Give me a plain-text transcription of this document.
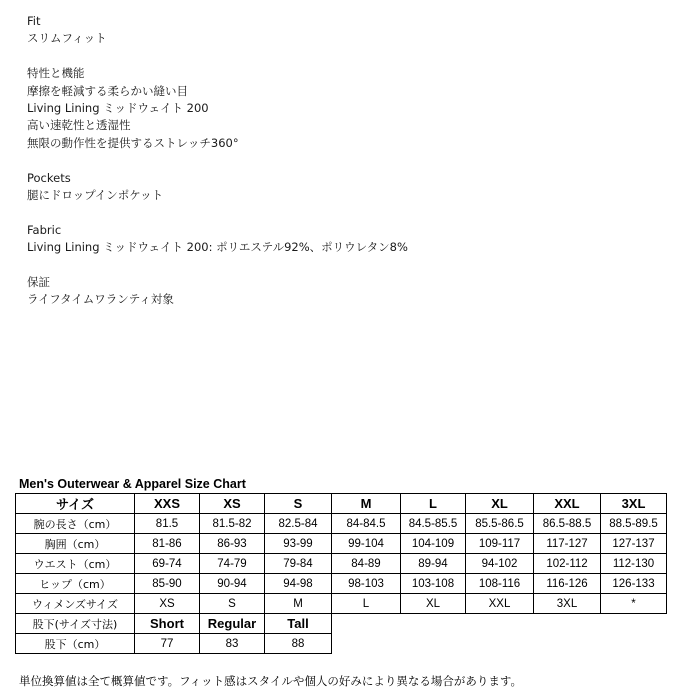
Fit

スリムフィット

特性と機能

摩擦を軽減する柔らかい縫い目

Living Lining ミッドウェイト 200

高い速乾性と透湿性

無限の動作性を提供するストレッチ360°

Pockets

腿にドロップインポケット

Fabric

Living Lining ミッドウェイト 200: ポリエステル92%、ポリウレタン8%

保証

ライフタイムワランティ対象

Men's Outerwear & Apparel Size Chart
サイズ	XXS	XS	S	M	L	XL	XXL	3XL
腕の長さ（cm）	81.5	81.5-82	82.5-84	84-84.5	84.5-85.5	85.5-86.5	86.5-88.5	88.5-89.5
胸囲（cm）	81-86	86-93	93-99	99-104	104-109	109-117	117-127	127-137
ウエスト（cm）	69-74	74-79	79-84	84-89	89-94	94-102	102-112	112-130
ヒップ（cm）	85-90	90-94	94-98	98-103	103-108	108-116	116-126	126-133
ウィメンズサイズ	XS	S	M	L	XL	XXL	3XL	*
股下(サイズ寸法)	Short	Regular	Tall					
股下（cm）	77	83	88					
単位換算値は全て概算値です。フィット感はスタイルや個人の好みにより異なる場合があります。
